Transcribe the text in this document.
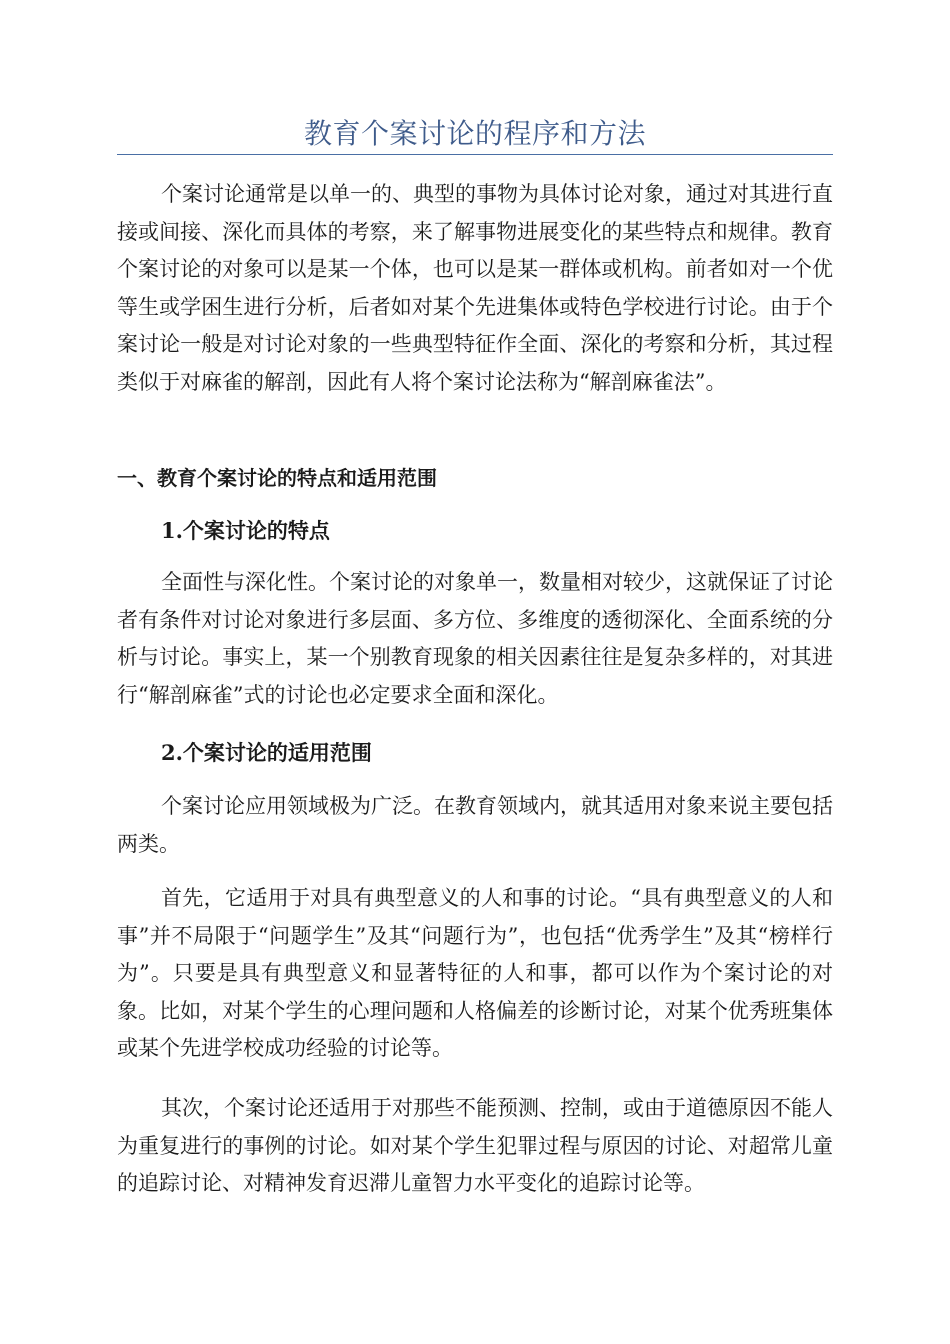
教育个案讨论的程序和方法

个案讨论通常是以单一的、典型的事物为具体讨论对象，通过对其进行直接或间接、深化而具体的考察，来了解事物进展变化的某些特点和规律。教育个案讨论的对象可以是某一个体，也可以是某一群体或机构。前者如对一个优等生或学困生进行分析，后者如对某个先进集体或特色学校进行讨论。由于个案讨论一般是对讨论对象的一些典型特征作全面、深化的考察和分析，其过程类似于对麻雀的解剖，因此有人将个案讨论法称为“解剖麻雀法”。

一、教育个案讨论的特点和适用范围
1.个案讨论的特点

全面性与深化性。个案讨论的对象单一，数量相对较少，这就保证了讨论者有条件对讨论对象进行多层面、多方位、多维度的透彻深化、全面系统的分析与讨论。事实上，某一个别教育现象的相关因素往往是复杂多样的，对其进行“解剖麻雀”式的讨论也必定要求全面和深化。

2.个案讨论的适用范围

个案讨论应用领域极为广泛。在教育领域内，就其适用对象来说主要包括两类。

首先，它适用于对具有典型意义的人和事的讨论。“具有典型意义的人和事”并不局限于“问题学生”及其“问题行为”，也包括“优秀学生”及其“榜样行为”。只要是具有典型意义和显著特征的人和事，都可以作为个案讨论的对象。比如，对某个学生的心理问题和人格偏差的诊断讨论，对某个优秀班集体或某个先进学校成功经验的讨论等。

其次，个案讨论还适用于对那些不能预测、控制，或由于道德原因不能人为重复进行的事例的讨论。如对某个学生犯罪过程与原因的讨论、对超常儿童的追踪讨论、对精神发育迟滞儿童智力水平变化的追踪讨论等。
